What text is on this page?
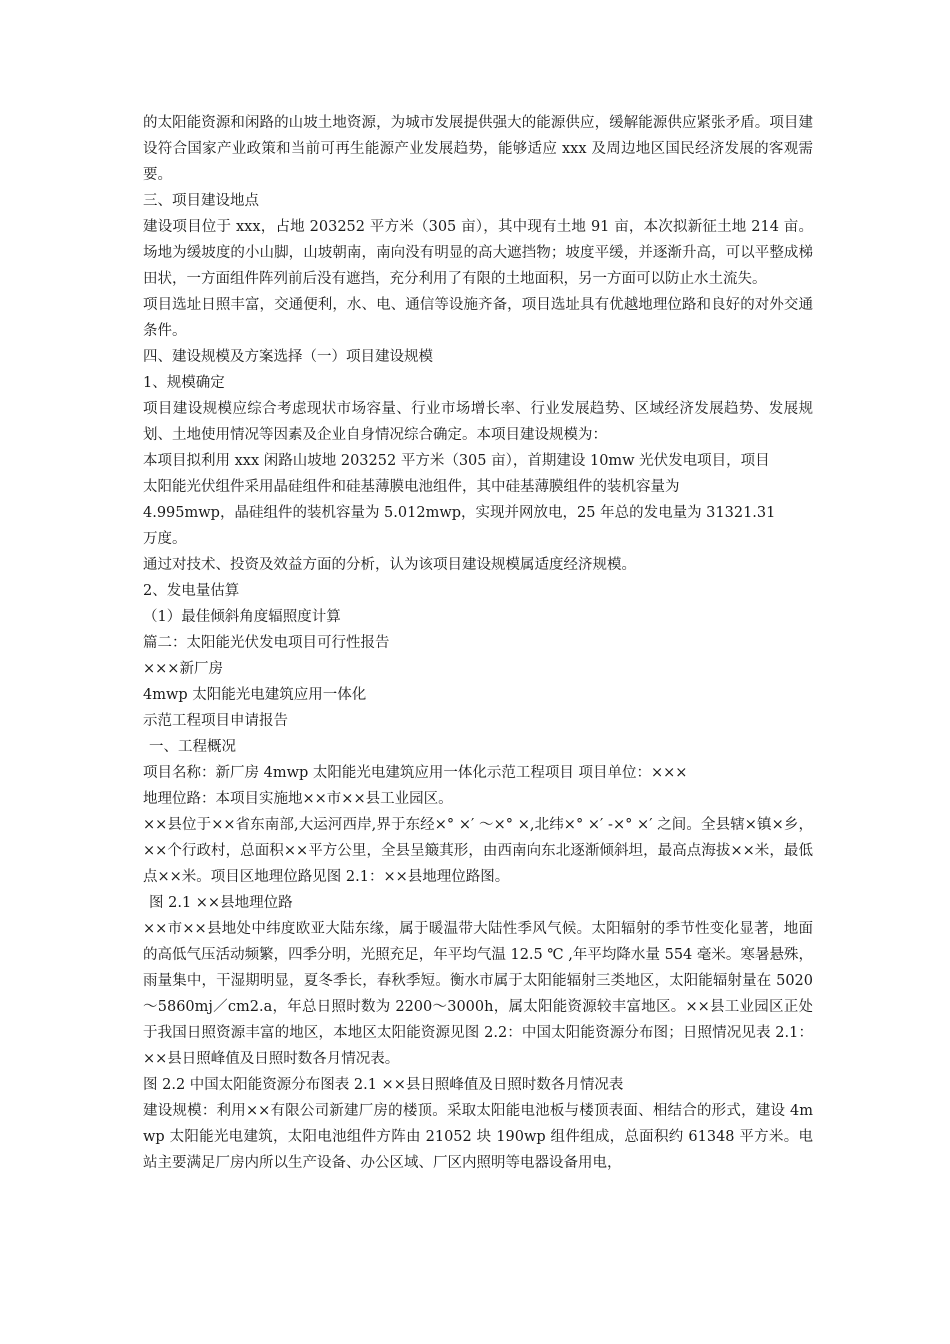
的太阳能资源和闲路的山坡土地资源，为城市发展提供强大的能源供应，缓解能源供应紧张矛盾。项目建设符合国家产业政策和当前可再生能源产业发展趋势，能够适应 xxx 及周边地区国民经济发展的客观需要。

三、项目建设地点

建设项目位于 xxx，占地 203252 平方米（305 亩），其中现有土地 91 亩，本次拟新征土地 214 亩。场地为缓坡度的小山脚，山坡朝南，南向没有明显的高大遮挡物；坡度平缓，并逐渐升高，可以平整成梯田状，一方面组件阵列前后没有遮挡，充分利用了有限的土地面积，另一方面可以防止水土流失。

项目选址日照丰富，交通便利，水、电、通信等设施齐备，项目选址具有优越地理位路和良好的对外交通条件。

四、建设规模及方案选择（一）项目建设规模

1、规模确定

项目建设规模应综合考虑现状市场容量、行业市场增长率、行业发展趋势、区域经济发展趋势、发展规划、土地使用情况等因素及企业自身情况综合确定。本项目建设规模为：

本项目拟利用 xxx 闲路山坡地 203252 平方米（305 亩），首期建设 10mw 光伏发电项目，项目

太阳能光伏组件采用晶硅组件和硅基薄膜电池组件，其中硅基薄膜组件的装机容量为

4.995mwp，晶硅组件的装机容量为 5.012mwp，实现并网放电，25 年总的发电量为 31321.31

万度。

通过对技术、投资及效益方面的分析，认为该项目建设规模属适度经济规模。

2、发电量估算

（1）最佳倾斜角度辐照度计算

篇二：太阳能光伏发电项目可行性报告

×××新厂房

4mwp 太阳能光电建筑应用一体化

示范工程项目申请报告

一、工程概况

项目名称：新厂房 4mwp 太阳能光电建筑应用一体化示范工程项目 项目单位：×××

地理位路：本项目实施地××市××县工业园区。

××县位于××省东南部,大运河西岸,界于东经×° ×′ ～×° ×,北纬×° ×′ -×° ×′ 之间。全县辖×镇×乡，××个行政村，总面积××平方公里，全县呈簸萁形，由西南向东北逐渐倾斜坦，最高点海拔××米，最低点××米。项目区地理位路见图 2.1：××县地理位路图。

图 2.1 ××县地理位路

××市××县地处中纬度欧亚大陆东缘，属于暖温带大陆性季风气候。太阳辐射的季节性变化显著，地面的高低气压活动频繁，四季分明，光照充足，年平均气温 12.5 ℃ ,年平均降水量 554 毫米。寒暑悬殊，雨量集中，干湿期明显，夏冬季长，春秋季短。衡水市属于太阳能辐射三类地区，太阳能辐射量在 5020～5860mj／cm2.a，年总日照时数为 2200～3000h，属太阳能资源较丰富地区。××县工业园区正处于我国日照资源丰富的地区，本地区太阳能资源见图 2.2：中国太阳能资源分布图；日照情况见表 2.1：××县日照峰值及日照时数各月情况表。

图 2.2 中国太阳能资源分布图表 2.1 ××县日照峰值及日照时数各月情况表

建设规模：利用××有限公司新建厂房的楼顶。采取太阳能电池板与楼顶表面、相结合的形式，建设 4mwp 太阳能光电建筑，太阳电池组件方阵由 21052 块 190wp 组件组成，总面积约 61348 平方米。电站主要满足厂房内所以生产设备、办公区域、厂区内照明等电器设备用电，
